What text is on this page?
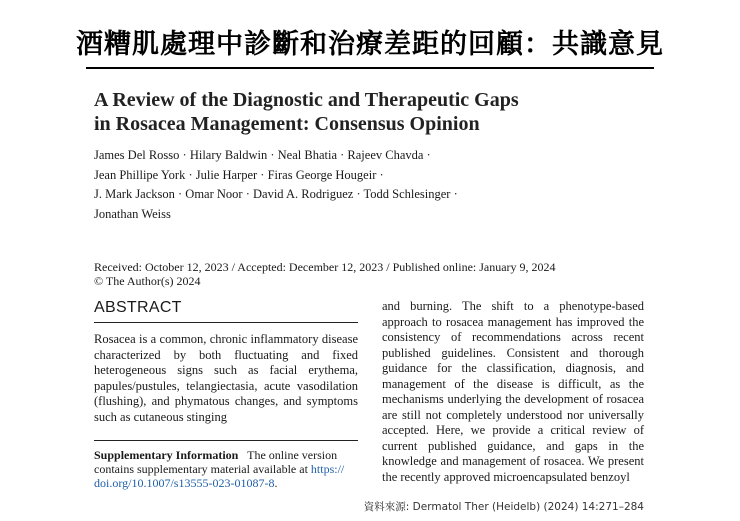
酒糟肌處理中診斷和治療差距的回顧：共識意見
A Review of the Diagnostic and Therapeutic Gaps
in Rosacea Management: Consensus Opinion
James Del Rosso · Hilary Baldwin · Neal Bhatia · Rajeev Chavda ·
Jean Phillipe York · Julie Harper · Firas George Hougeir ·
J. Mark Jackson · Omar Noor · David A. Rodriguez · Todd Schlesinger ·
Jonathan Weiss
Received: October 12, 2023 / Accepted: December 12, 2023 / Published online: January 9, 2024
© The Author(s) 2024
ABSTRACT
Rosacea is a common, chronic inflammatory disease characterized by both fluctuating and fixed heterogeneous signs such as facial erythema, papules/pustules, telangiectasia, acute vasodilation (flushing), and phymatous changes, and symptoms such as cutaneous stinging
Supplementary Information The online version contains supplementary material available at https:// doi.org/10.1007/s13555-023-01087-8.
and burning. The shift to a phenotype-based approach to rosacea management has improved the consistency of recommendations across recent published guidelines. Consistent and thorough guidance for the classification, diagnosis, and management of the disease is difficult, as the mechanisms underlying the development of rosacea are still not completely understood nor universally accepted. Here, we provide a critical review of current published guidance, and gaps in the knowledge and management of rosacea. We present the recently approved microencapsulated benzoyl
資料來源: Dermatol Ther (Heidelb) (2024) 14:271–284
